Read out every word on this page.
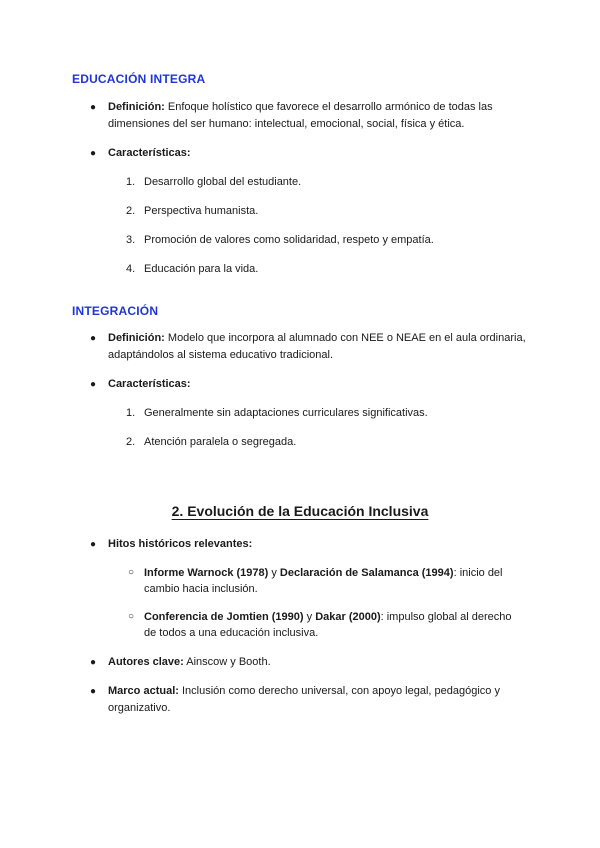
EDUCACIÓN INTEGRA
●	Definición: Enfoque holístico que favorece el desarrollo armónico de todas las dimensiones del ser humano: intelectual, emocional, social, física y ética.
●	Características:
1. Desarrollo global del estudiante.
2. Perspectiva humanista.
3. Promoción de valores como solidaridad, respeto y empatía.
4. Educación para la vida.
INTEGRACIÓN
●	Definición: Modelo que incorpora al alumnado con NEE o NEAE en el aula ordinaria, adaptándolos al sistema educativo tradicional.
●	Características:
1. Generalmente sin adaptaciones curriculares significativas.
2. Atención paralela o segregada.
2. Evolución de la Educación Inclusiva
●	Hitos históricos relevantes:
○ Informe Warnock (1978) y Declaración de Salamanca (1994): inicio del cambio hacia inclusión.
○ Conferencia de Jomtien (1990) y Dakar (2000): impulso global al derecho de todos a una educación inclusiva.
●	Autores clave: Ainscow y Booth.
●	Marco actual: Inclusión como derecho universal, con apoyo legal, pedagógico y organizativo.
